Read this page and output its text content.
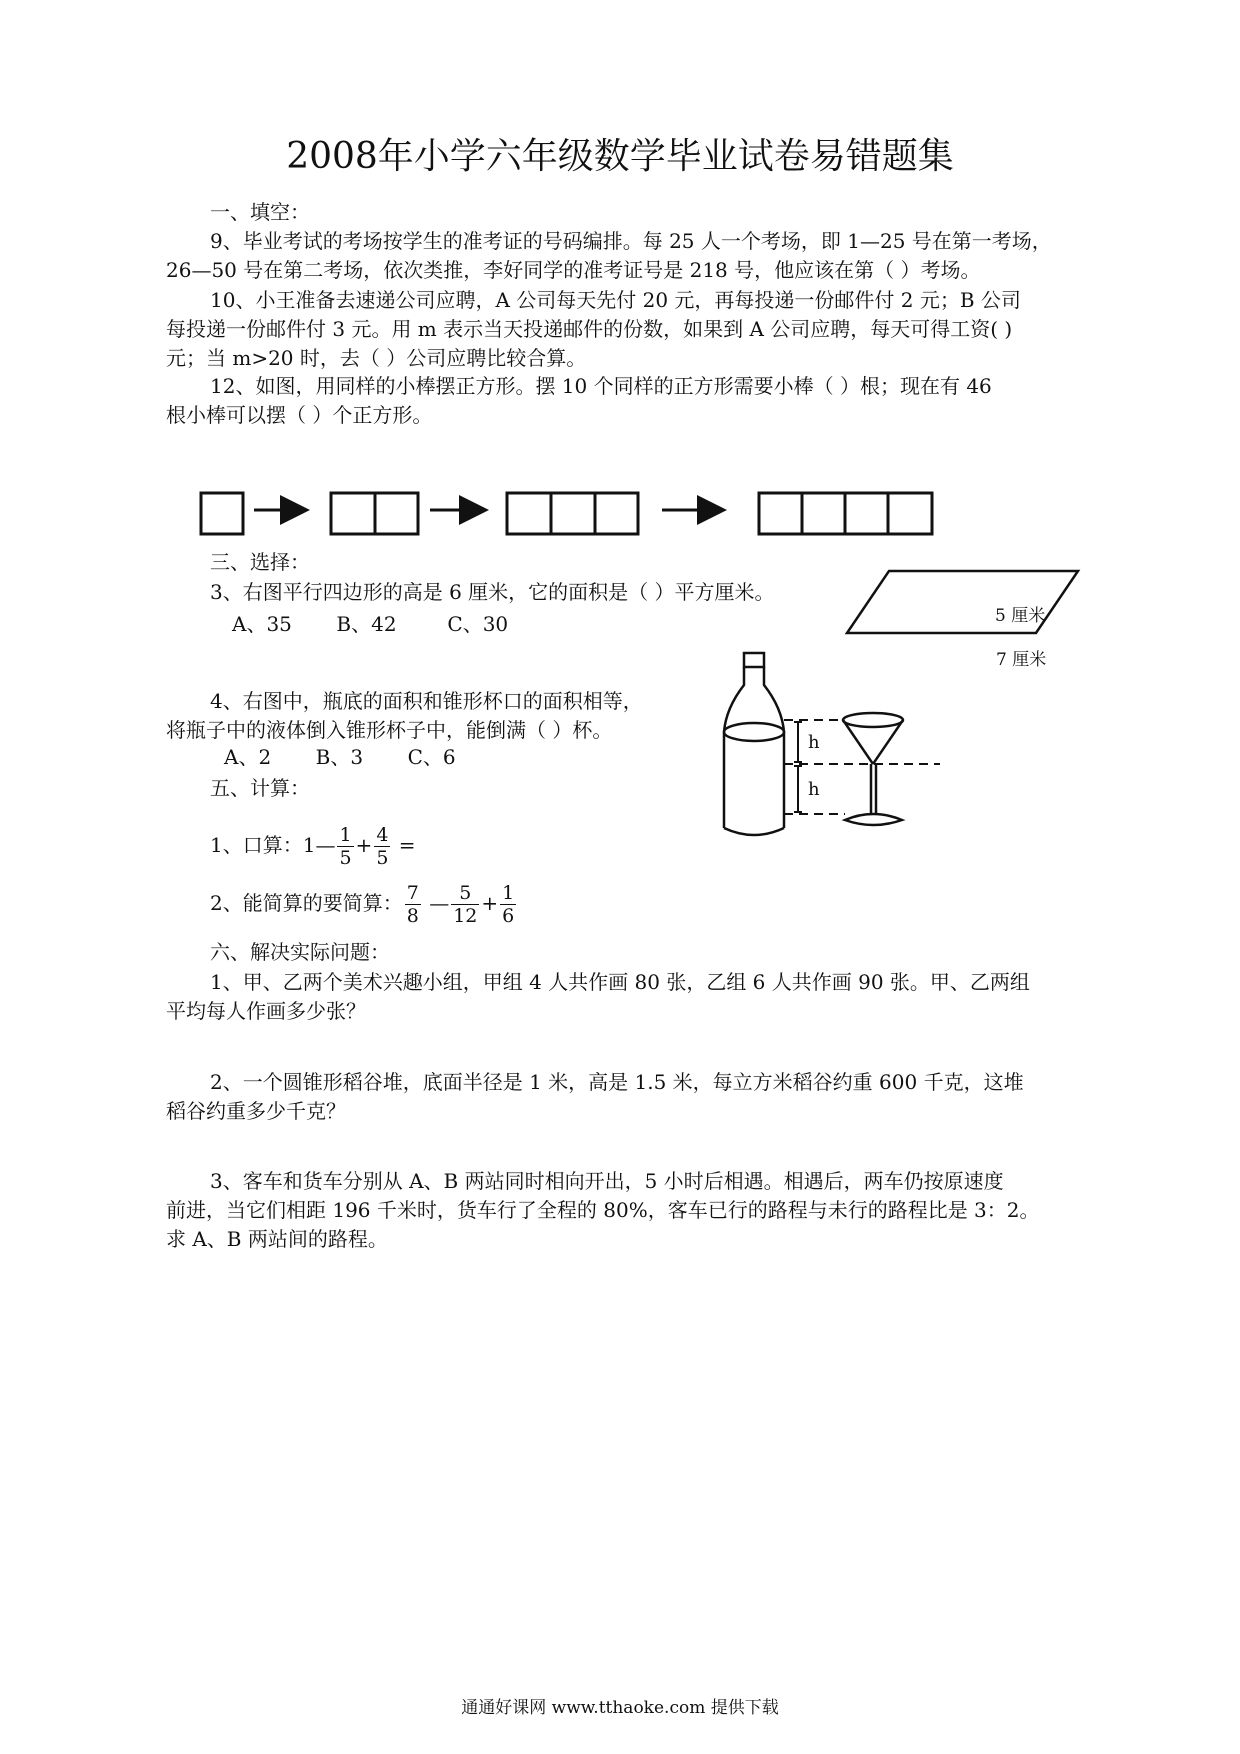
2008年小学六年级数学毕业试卷易错题集
一、填空：
9、毕业考试的考场按学生的准考证的号码编排。每 25 人一个考场，即 1—25 号在第一考场，
26—50 号在第二考场，依次类推，李好同学的准考证号是 218 号，他应该在第（ ）考场。
10、小王准备去速递公司应聘，A 公司每天先付 20 元，再每投递一份邮件付 2 元；B 公司
每投递一份邮件付 3 元。用 m 表示当天投递邮件的份数，如果到 A 公司应聘，每天可得工资( )
元；当 m>20 时，去（ ）公司应聘比较合算。
12、如图，用同样的小棒摆正方形。摆 10 个同样的正方形需要小棒（ ）根；现在有 46
根小棒可以摆（ ）个正方形。
三、选择：
3、右图平行四边形的高是 6 厘米，它的面积是（ ）平方厘米。
A、35       B、42        C、30
7 厘米
5 厘米
4、右图中，瓶底的面积和锥形杯口的面积相等，
将瓶子中的液体倒入锥形杯子中，能倒满（ ）杯。
A、2       B、3       C、6
h
h
五、计算：
1、口算：1— $\frac{1}{5} + \frac{4}{5}$ =
2、能简算的要简算： $\frac{7}{8}$ — $\frac{5}{12} + \frac{1}{6}$
六、解决实际问题：
1、甲、乙两个美术兴趣小组，甲组 4 人共作画 80 张，乙组 6 人共作画 90 张。甲、乙两组
平均每人作画多少张？
2、一个圆锥形稻谷堆，底面半径是 1 米，高是 1.5 米，每立方米稻谷约重 600 千克，这堆
稻谷约重多少千克？
3、客车和货车分别从 A、B 两站同时相向开出，5 小时后相遇。相遇后，两车仍按原速度
前进，当它们相距 196 千米时，货车行了全程的 80%，客车已行的路程与未行的路程比是 3：2。
求 A、B 两站间的路程。
通通好课网 www.tthaoke.com 提供下载
